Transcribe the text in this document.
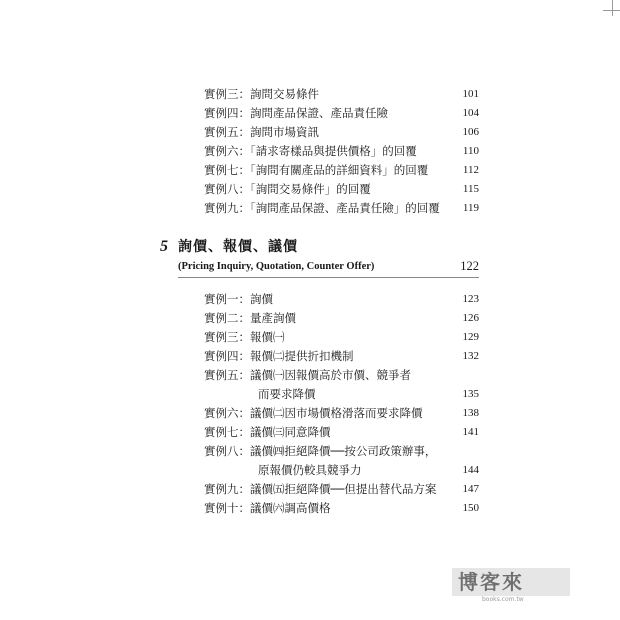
實例三：詢問交易條件	101
實例四：詢問產品保證、產品責任險	104
實例五：詢問市場資訊	106
實例六：「請求寄樣品與提供價格」的回覆	110
實例七：「詢問有關產品的詳細資料」的回覆	112
實例八：「詢問交易條件」的回覆	115
實例九：「詢問產品保證、產品責任險」的回覆 119
5 詢價、報價、議價
(Pricing Inquiry, Quotation, Counter Offer)	122
實例一：詢價	123
實例二：量產詢價	126
實例三：報價㈠	129
實例四：報價㈡提供折扣機制	132
實例五：議價㈠因報價高於市價、競爭者
而要求降價	135
實例六：議價㈡因市場價格滑落而要求降價	138
實例七：議價㈢同意降價	141
實例八：議價㈣拒絕降價──按公司政策辦事，
原報價仍較具競爭力	144
實例九：議價㈤拒絕降價──但提出替代品方案 147
實例十：議價㈥調高價格	150
博客來
books.com.tw
